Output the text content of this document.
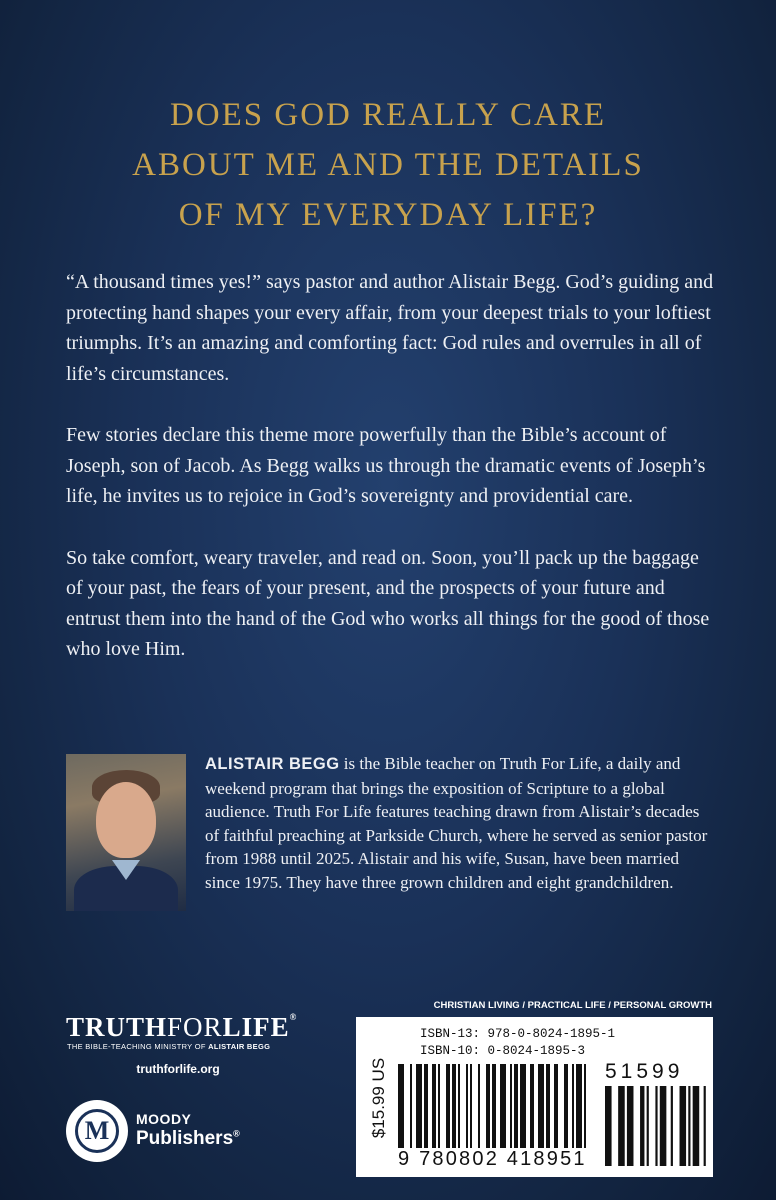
DOES GOD REALLY CARE
ABOUT ME AND THE DETAILS
OF MY EVERYDAY LIFE?

“A thousand times yes!” says pastor and author Alistair Begg. God’s guiding and protecting hand shapes your every affair, from your deepest trials to your loftiest triumphs. It’s an amazing and comforting fact: God rules and overrules in all of life’s circumstances.

Few stories declare this theme more powerfully than the Bible’s account of Joseph, son of Jacob. As Begg walks us through the dramatic events of Joseph’s life, he invites us to rejoice in God’s sovereignty and providential care.

So take comfort, weary traveler, and read on. Soon, you’ll pack up the baggage of your past, the fears of your present, and the prospects of your future and entrust them into the hand of the God who works all things for the good of those who love Him.

ALISTAIR BEGG is the Bible teacher on Truth For Life, a daily and weekend program that brings the exposition of Scripture to a global audience. Truth For Life features teaching drawn from Alistair’s decades of faithful preaching at Parkside Church, where he served as senior pastor from 1988 until 2025. Alistair and his wife, Susan, have been married since 1975. They have three grown children and eight grandchildren.
TRUTHFORLIFE®
THE BIBLE-TEACHING MINISTRY OF ALISTAIR BEGG
truthforlife.org
M	MOODY
Publishers®
CHRISTIAN LIVING / PRACTICAL LIFE / PERSONAL GROWTH
$15.99 US
ISBN-13: 978-0-8024-1895-1
ISBN-10: 0-8024-1895-3
51599
9 780802 418951
